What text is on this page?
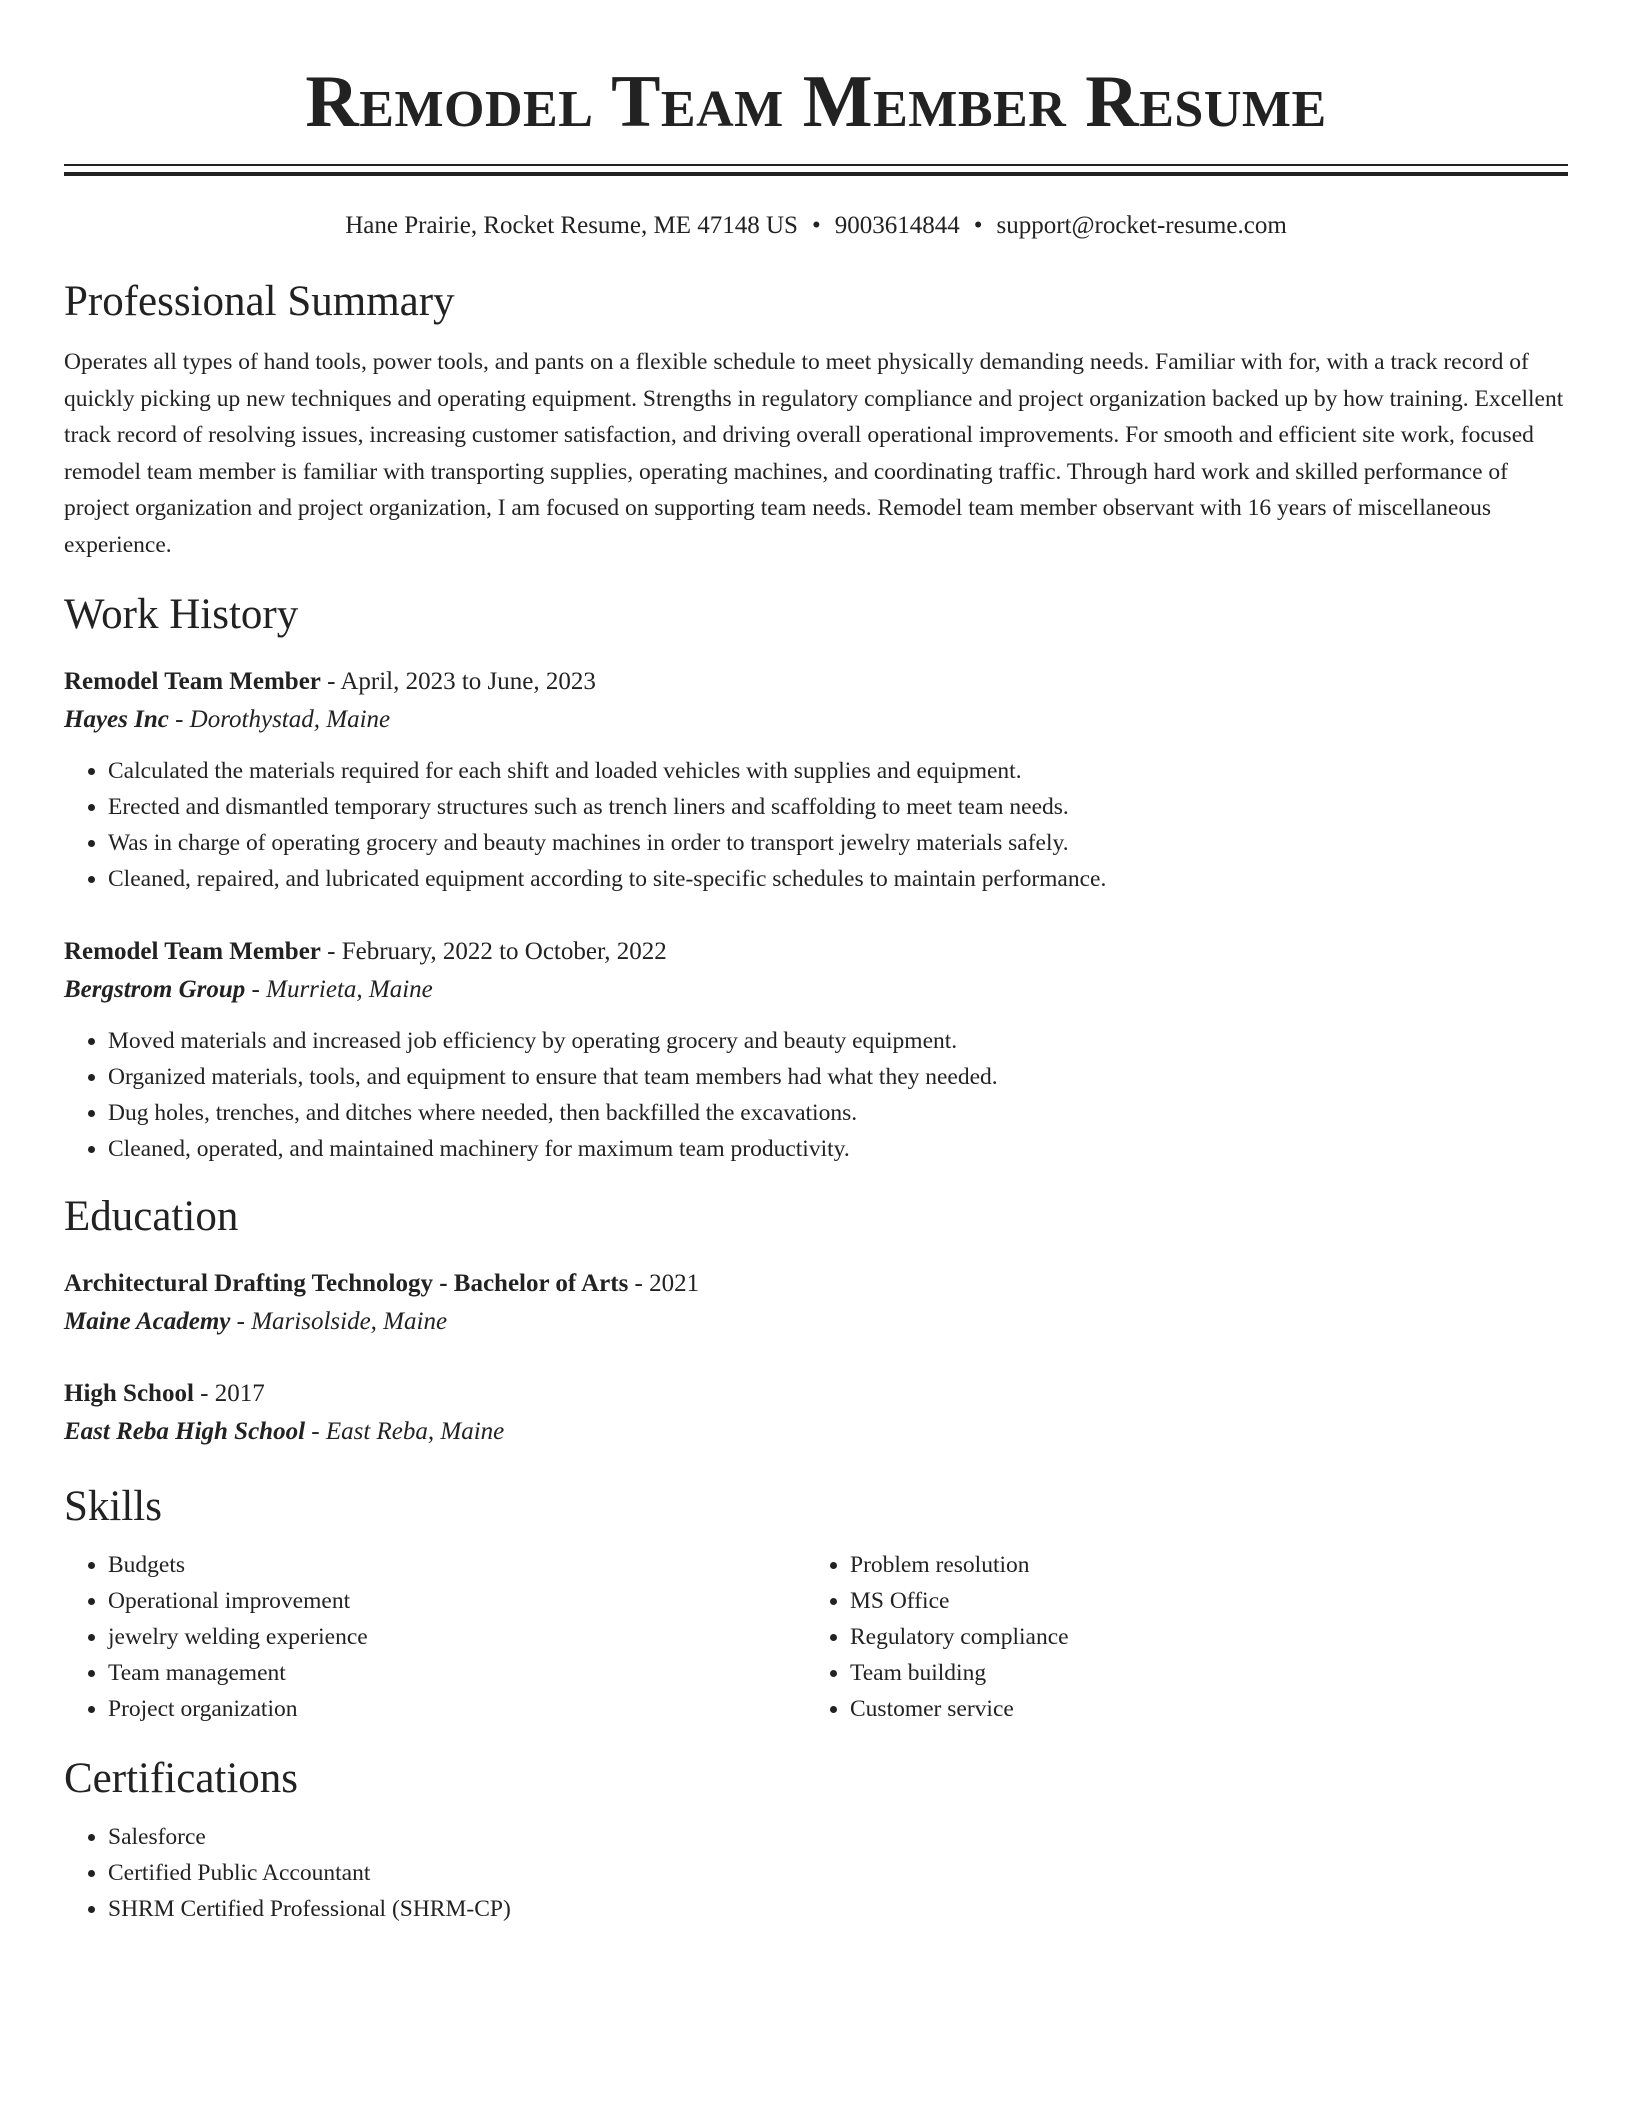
Remodel Team Member Resume
Hane Prairie, Rocket Resume, ME 47148 US • 9003614844 • support@rocket-resume.com
Professional Summary

Operates all types of hand tools, power tools, and pants on a flexible schedule to meet physically demanding needs. Familiar with for, with a track record of quickly picking up new techniques and operating equipment. Strengths in regulatory compliance and project organization backed up by how training. Excellent track record of resolving issues, increasing customer satisfaction, and driving overall operational improvements. For smooth and efficient site work, focused remodel team member is familiar with transporting supplies, operating machines, and coordinating traffic. Through hard work and skilled performance of project organization and project organization, I am focused on supporting team needs. Remodel team member observant with 16 years of miscellaneous experience.

Work History
Remodel Team Member - April, 2023 to June, 2023
Hayes Inc - Dorothystad, Maine
• Calculated the materials required for each shift and loaded vehicles with supplies and equipment.
• Erected and dismantled temporary structures such as trench liners and scaffolding to meet team needs.
• Was in charge of operating grocery and beauty machines in order to transport jewelry materials safely.
• Cleaned, repaired, and lubricated equipment according to site-specific schedules to maintain performance.
Remodel Team Member - February, 2022 to October, 2022
Bergstrom Group - Murrieta, Maine
• Moved materials and increased job efficiency by operating grocery and beauty equipment.
• Organized materials, tools, and equipment to ensure that team members had what they needed.
• Dug holes, trenches, and ditches where needed, then backfilled the excavations.
• Cleaned, operated, and maintained machinery for maximum team productivity.
Education
Architectural Drafting Technology - Bachelor of Arts - 2021
Maine Academy - Marisolside, Maine
High School - 2017
East Reba High School - East Reba, Maine
Skills
• Budgets
• Operational improvement
• jewelry welding experience
• Team management
• Project organization
• Problem resolution
• MS Office
• Regulatory compliance
• Team building
• Customer service
Certifications
• Salesforce
• Certified Public Accountant
• SHRM Certified Professional (SHRM-CP)
